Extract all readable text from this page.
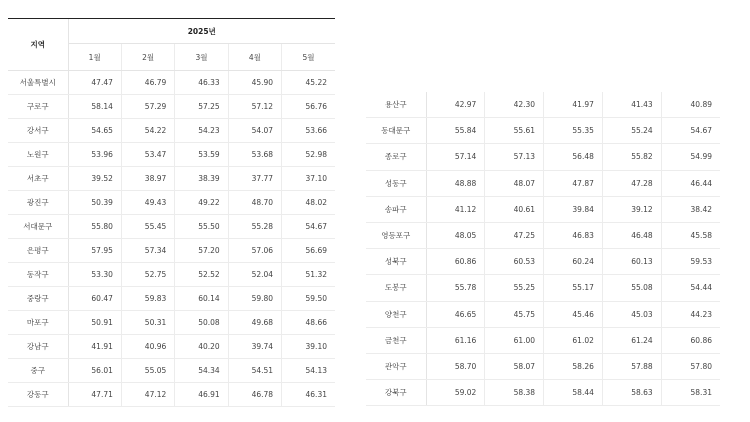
지역	2025년				
	1월	2월	3월	4월	5월
서울특별시	47.47	46.79	46.33	45.90	45.22
구로구	58.14	57.29	57.25	57.12	56.76
강서구	54.65	54.22	54.23	54.07	53.66
노원구	53.96	53.47	53.59	53.68	52.98
서초구	39.52	38.97	38.39	37.77	37.10
광진구	50.39	49.43	49.22	48.70	48.02
서대문구	55.80	55.45	55.50	55.28	54.67
은평구	57.95	57.34	57.20	57.06	56.69
동작구	53.30	52.75	52.52	52.04	51.32
중랑구	60.47	59.83	60.14	59.80	59.50
마포구	50.91	50.31	50.08	49.68	48.66
강남구	41.91	40.96	40.20	39.74	39.10
중구	56.01	55.05	54.34	54.51	54.13
강동구	47.71	47.12	46.91	46.78	46.31
용산구	42.97	42.30	41.97	41.43	40.89
동대문구	55.84	55.61	55.35	55.24	54.67
종로구	57.14	57.13	56.48	55.82	54.99
성동구	48.88	48.07	47.87	47.28	46.44
송파구	41.12	40.61	39.84	39.12	38.42
영등포구	48.05	47.25	46.83	46.48	45.58
성북구	60.86	60.53	60.24	60.13	59.53
도봉구	55.78	55.25	55.17	55.08	54.44
양천구	46.65	45.75	45.46	45.03	44.23
금천구	61.16	61.00	61.02	61.24	60.86
관악구	58.70	58.07	58.26	57.88	57.80
강북구	59.02	58.38	58.44	58.63	58.31
